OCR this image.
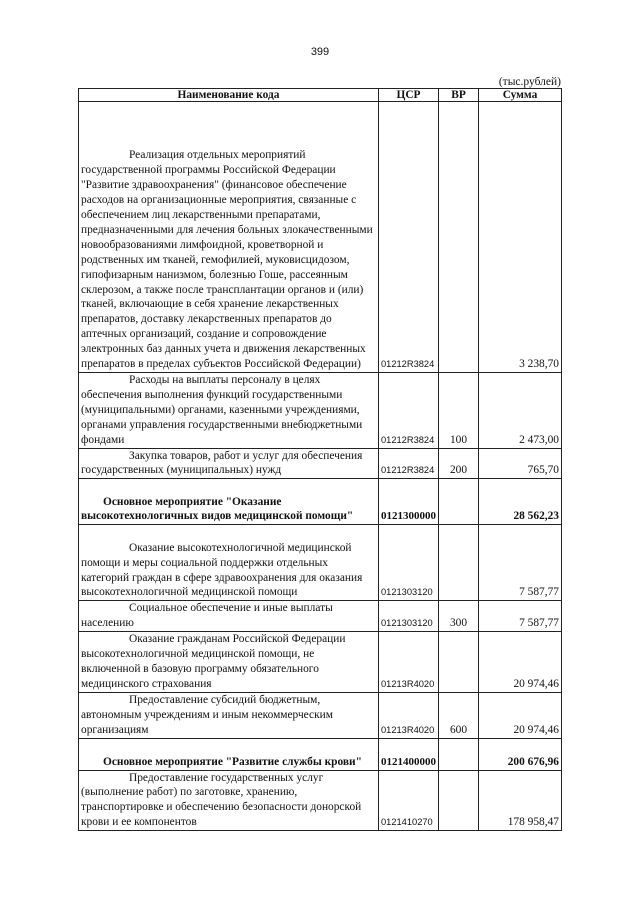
399
(тыс.рублей)
Наименование кода	ЦСР	ВР	Сумма
Реализация отдельных мероприятий
государственной программы Российской Федерации "Развитие здравоохранения" (финансовое обеспечение расходов на организационные мероприятия, связанные с обеспечением лиц лекарственными препаратами, предназначенными для лечения больных злокачественными новообразованиями лимфоидной, кроветворной и родственных им тканей, гемофилией, муковисцидозом, гипофизарным нанизмом, болезнью Гоше, рассеянным склерозом, а также после трансплантации органов и (или) тканей, включающие в себя хранение лекарственных препаратов, доставку лекарственных препаратов до аптечных организаций, создание и сопровождение электронных баз данных учета и движения лекарственных препаратов в пределах субъектов Российской Федерации)	01212R3824		3 238,70
Расходы на выплаты персоналу в целях
обеспечения выполнения функций государственными (муниципальными) органами, казенными учреждениями, органами управления государственными внебюджетными фондами	01212R3824	100	2 473,00
Закупка товаров, работ и услуг для обеспечения
государственных (муниципальных) нужд	01212R3824	200	765,70
Основное мероприятие "Оказание
высокотехнологичных видов медицинской помощи"	0121300000		28 562,23
Оказание высокотехнологичной медицинской
помощи и меры социальной поддержки отдельных категорий граждан в сфере здравоохранения для оказания высокотехнологичной медицинской помощи	0121303120		7 587,77
Социальное обеспечение и иные выплаты
населению	0121303120	300	7 587,77
Оказание гражданам Российской Федерации
высокотехнологичной медицинской помощи, не включенной в базовую программу обязательного медицинского страхования	01213R4020		20 974,46
Предоставление субсидий бюджетным,
автономным учреждениям и иным некоммерческим организациям	01213R4020	600	20 974,46
Основное мероприятие "Развитие службы крови"	0121400000		200 676,96
Предоставление государственных услуг
(выполнение работ) по заготовке, хранению, транспортировке и обеспечению безопасности донорской крови и ее компонентов	0121410270		178 958,47
